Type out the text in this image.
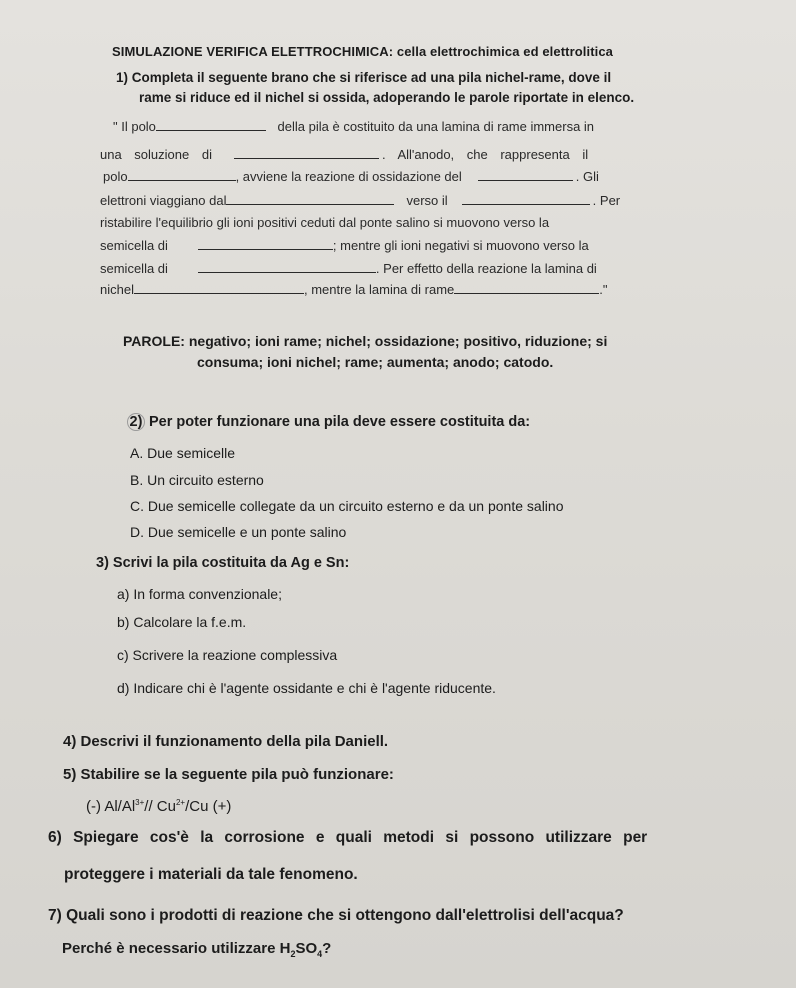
SIMULAZIONE VERIFICA ELETTROCHIMICA: cella elettrochimica ed elettrolitica
1) Completa il seguente brano che si riferisce ad una pila nichel-rame, dove il
rame si riduce ed il nichel si ossida, adoperando le parole riportate in elenco.
" Il polo	della pila è costituito da una lamina di rame immersa in
una soluzione di	. All'anodo, che rappresenta il
polo	, avviene la reazione di ossidazione del	. Gli
elettroni viaggiano dal	verso il	. Per
ristabilire l'equilibrio gli ioni positivi ceduti dal ponte salino si muovono verso la
semicella di	; mentre gli ioni negativi si muovono verso la
semicella di	. Per effetto della reazione la lamina di
nichel	, mentre la lamina di rame	."
PAROLE: negativo; ioni rame; nichel; ossidazione; positivo, riduzione; si
consuma; ioni nichel; rame; aumenta; anodo; catodo.
2) Per poter funzionare una pila deve essere costituita da:
A. Due semicelle
B. Un circuito esterno
C. Due semicelle collegate da un circuito esterno e da un ponte salino
D. Due semicelle e un ponte salino
3) Scrivi la pila costituita da Ag e Sn:
a) In forma convenzionale;
b) Calcolare la f.e.m.
c) Scrivere la reazione complessiva
d) Indicare chi è l'agente ossidante e chi è l'agente riducente.
4) Descrivi il funzionamento della pila Daniell.
5) Stabilire se la seguente pila può funzionare:
(-) $Al/Al^{3+}//$ $Cu^{2+}/Cu$ (+)
6) Spiegare cos'è la corrosione e quali metodi si possono utilizzare per
proteggere i materiali da tale fenomeno.
7) Quali sono i prodotti di reazione che si ottengono dall'elettrolisi dell'acqua?
Perché è necessario utilizzare $H_2SO_4$?
